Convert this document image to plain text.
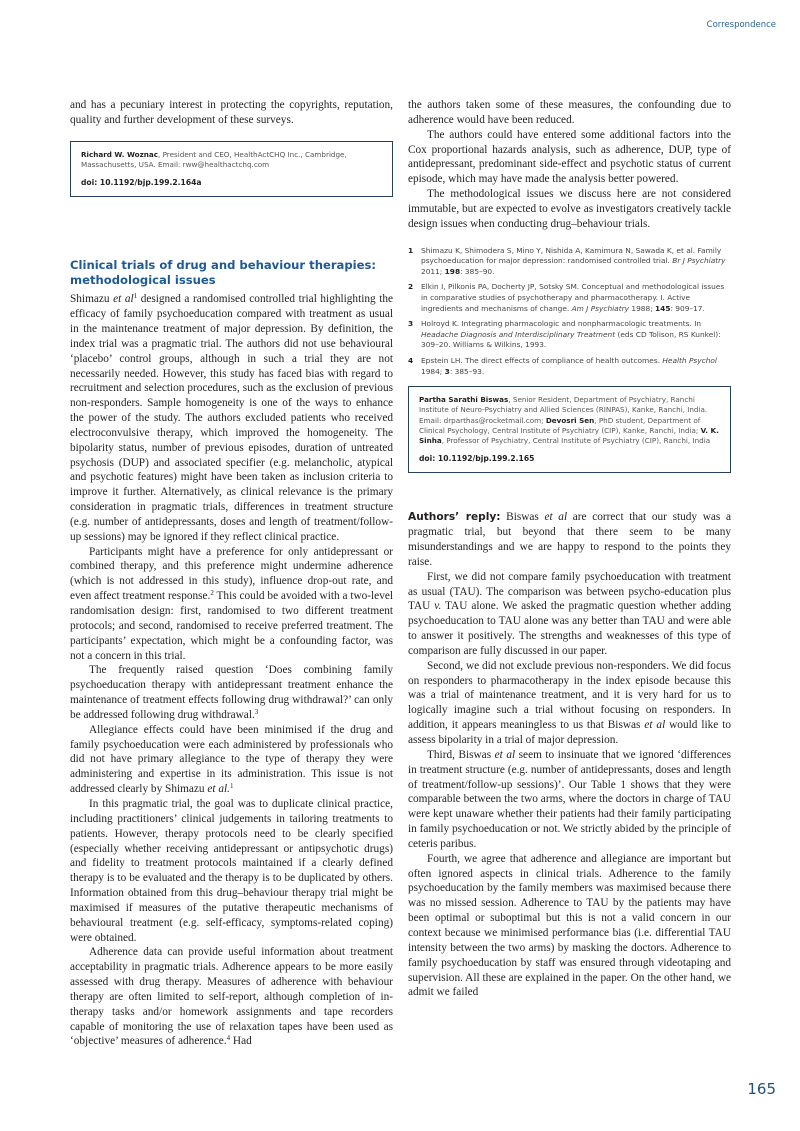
Correspondence

and has a pecuniary interest in protecting the copyrights, reputation, quality and further development of these surveys.

Richard W. Woznac, President and CEO, HealthActCHQ Inc., Cambridge, Massachusetts, USA. Email: rww@healthactchq.com
doi: 10.1192/bjp.199.2.164a
Clinical trials of drug and behaviour therapies: methodological issues

Shimazu et $al^1$ designed a randomised controlled trial highlighting the efficacy of family psychoeducation compared with treatment as usual in the maintenance treatment of major depression. By definition, the index trial was a pragmatic trial. The authors did not use behavioural ‘placebo’ control groups, although in such a trial they are not necessarily needed. However, this study has faced bias with regard to recruitment and selection procedures, such as the exclusion of previous non-responders. Sample homogeneity is one of the ways to enhance the power of the study. The authors excluded patients who received electroconvulsive therapy, which improved the homogeneity. The bipolarity status, number of previous episodes, duration of untreated psychosis (DUP) and associated specifier (e.g. melancholic, atypical and psychotic features) might have been taken as inclusion criteria to improve it further. Alternatively, as clinical relevance is the primary consideration in pragmatic trials, differences in treatment structure (e.g. number of antidepressants, doses and length of treatment/follow-up sessions) may be ignored if they reflect clinical practice.

Participants might have a preference for only antidepressant or combined therapy, and this preference might undermine adherence (which is not addressed in this study), influence drop-out rate, and even affect treatment response.$^2$ This could be avoided with a two-level randomisation design: first, randomised to two different treatment protocols; and second, randomised to receive preferred treatment. The participants’ expectation, which might be a confounding factor, was not a concern in this trial.

The frequently raised question ‘Does combining family psychoeducation therapy with antidepressant treatment enhance the maintenance of treatment effects following drug withdrawal?’ can only be addressed following drug withdrawal.$^3$

Allegiance effects could have been minimised if the drug and family psychoeducation were each administered by professionals who did not have primary allegiance to the type of therapy they were administering and expertise in its administration. This issue is not addressed clearly by Shimazu et al.$^1$

In this pragmatic trial, the goal was to duplicate clinical practice, including practitioners’ clinical judgements in tailoring treatments to patients. However, therapy protocols need to be clearly specified (especially whether receiving antidepressant or antipsychotic drugs) and fidelity to treatment protocols maintained if a clearly defined therapy is to be evaluated and the therapy is to be duplicated by others. Information obtained from this drug–behaviour therapy trial might be maximised if measures of the putative therapeutic mechanisms of behavioural treatment (e.g. self-efficacy, symptoms-related coping) were obtained.

Adherence data can provide useful information about treatment acceptability in pragmatic trials. Adherence appears to be more easily assessed with drug therapy. Measures of adherence with behaviour therapy are often limited to self-report, although completion of in-therapy tasks and/or homework assignments and tape recorders capable of monitoring the use of relaxation tapes have been used as ‘objective’ measures of adherence.$^4$ Had

the authors taken some of these measures, the confounding due to adherence would have been reduced.

The authors could have entered some additional factors into the Cox proportional hazards analysis, such as adherence, DUP, type of antidepressant, predominant side-effect and psychotic status of current episode, which may have made the analysis better powered.

The methodological issues we discuss here are not considered immutable, but are expected to evolve as investigators creatively tackle design issues when conducting drug–behaviour trials.

1 Shimazu K, Shimodera S, Mino Y, Nishida A, Kamimura N, Sawada K, et al. Family psychoeducation for major depression: randomised controlled trial. Br J Psychiatry 2011; 198: 385–90.
2 Elkin I, Pilkonis PA, Docherty JP, Sotsky SM. Conceptual and methodological issues in comparative studies of psychotherapy and pharmacotherapy. I. Active ingredients and mechanisms of change. Am J Psychiatry 1988; 145: 909–17.
3 Holroyd K. Integrating pharmacologic and nonpharmacologic treatments. In Headache Diagnosis and Interdisciplinary Treatment (eds CD Tolison, RS Kunkel): 309–20. Williams & Wilkins, 1993.
4 Epstein LH. The direct effects of compliance of health outcomes. Health Psychol 1984; 3: 385–93.
Partha Sarathi Biswas, Senior Resident, Department of Psychiatry, Ranchi Institute of Neuro-Psychiatry and Allied Sciences (RINPAS), Kanke, Ranchi, India. Email: drparthas@rocketmail.com; Devosri Sen, PhD student, Department of Clinical Psychology, Central Institute of Psychiatry (CIP), Kanke, Ranchi, India; V. K. Sinha, Professor of Psychiatry, Central Institute of Psychiatry (CIP), Ranchi, India
doi: 10.1192/bjp.199.2.165

Authors’ reply: Biswas et al are correct that our study was a pragmatic trial, but beyond that there seem to be many misunderstandings and we are happy to respond to the points they raise.

First, we did not compare family psychoeducation with treatment as usual (TAU). The comparison was between psycho-education plus TAU v. TAU alone. We asked the pragmatic question whether adding psychoeducation to TAU alone was any better than TAU and were able to answer it positively. The strengths and weaknesses of this type of comparison are fully discussed in our paper.

Second, we did not exclude previous non-responders. We did focus on responders to pharmacotherapy in the index episode because this was a trial of maintenance treatment, and it is very hard for us to logically imagine such a trial without focusing on responders. In addition, it appears meaningless to us that Biswas et al would like to assess bipolarity in a trial of major depression.

Third, Biswas et al seem to insinuate that we ignored ‘differences in treatment structure (e.g. number of antidepressants, doses and length of treatment/follow-up sessions)’. Our Table 1 shows that they were comparable between the two arms, where the doctors in charge of TAU were kept unaware whether their patients had their family participating in family psychoeducation or not. We strictly abided by the principle of ceteris paribus.

Fourth, we agree that adherence and allegiance are important but often ignored aspects in clinical trials. Adherence to the family psychoeducation by the family members was maximised because there was no missed session. Adherence to TAU by the patients may have been optimal or suboptimal but this is not a valid concern in our context because we minimised performance bias (i.e. differential TAU intensity between the two arms) by masking the doctors. Adherence to family psychoeducation by staff was ensured through videotaping and supervision. All these are explained in the paper. On the other hand, we admit we failed

165
